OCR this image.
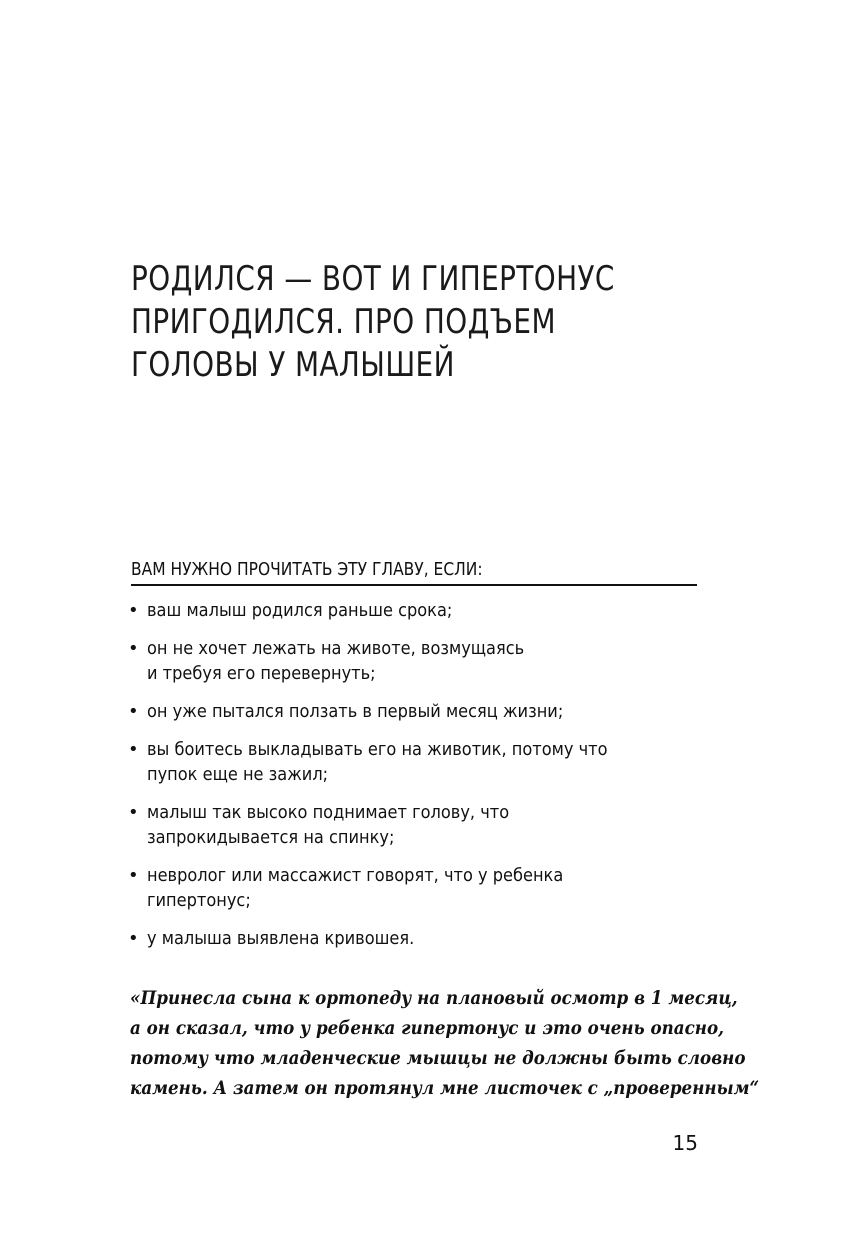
РОДИЛСЯ — ВОТ И ГИПЕРТОНУС
ПРИГОДИЛСЯ. ПРО ПОДЪЕМ
ГОЛОВЫ У МАЛЫШЕЙ
ВАМ НУЖНО ПРОЧИТАТЬ ЭТУ ГЛАВУ, ЕСЛИ:
• ваш малыш родился раньше срока;
• он не хочет лежать на животе, возмущаясь
и требуя его перевернуть;
• он уже пытался ползать в первый месяц жизни;
• вы боитесь выкладывать его на животик, потому что
пупок еще не зажил;
• малыш так высоко поднимает голову, что
запрокидывается на спинку;
• невролог или массажист говорят, что у ребенка
гипертонус;
• у малыша выявлена кривошея.
«Принесла сына к ортопеду на плановый осмотр в 1 месяц,
а он сказал, что у ребенка гипертонус и это очень опасно,
потому что младенческие мышцы не должны быть словно
камень. А затем он протянул мне листочек с „проверенным“
15
